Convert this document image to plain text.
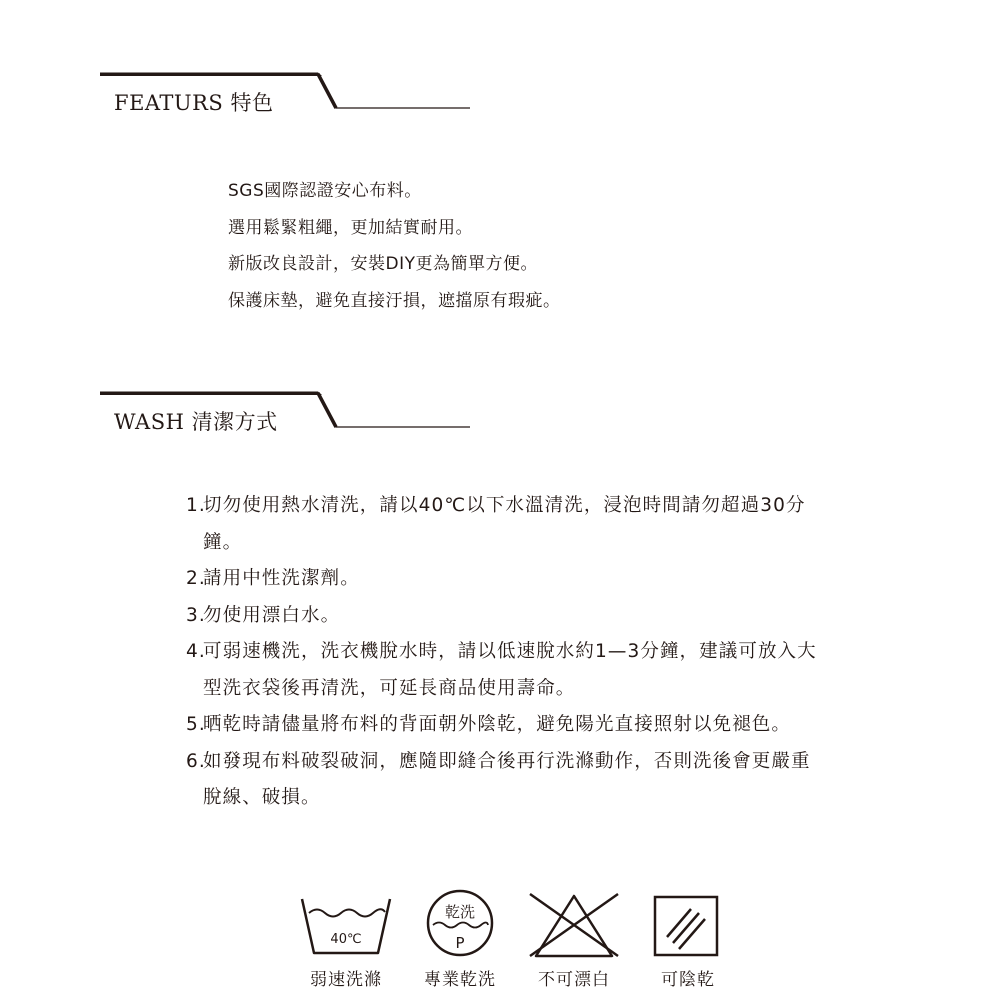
FEATURS 特色
SGS國際認證安心布料。
選用鬆緊粗繩，更加結實耐用。
新版改良設計，安裝DIY更為簡單方便。
保護床墊，避免直接汙損，遮擋原有瑕疵。
WASH 清潔方式
1.
切勿使用熱水清洗，請以40℃以下水溫清洗，浸泡時間請勿超過30分鐘。
2.
請用中性洗潔劑。
3.
勿使用漂白水。
4.
可弱速機洗，洗衣機脫水時，請以低速脫水約1—3分鐘，建議可放入大型洗衣袋後再清洗，可延長商品使用壽命。
5.
晒乾時請儘量將布料的背面朝外陰乾，避免陽光直接照射以免褪色。
6.
如發現布料破裂破洞，應隨即縫合後再行洗滌動作，否則洗後會更嚴重脫線、破損。
40℃
乾洗
P
弱速洗滌	專業乾洗	不可漂白	可陰乾
